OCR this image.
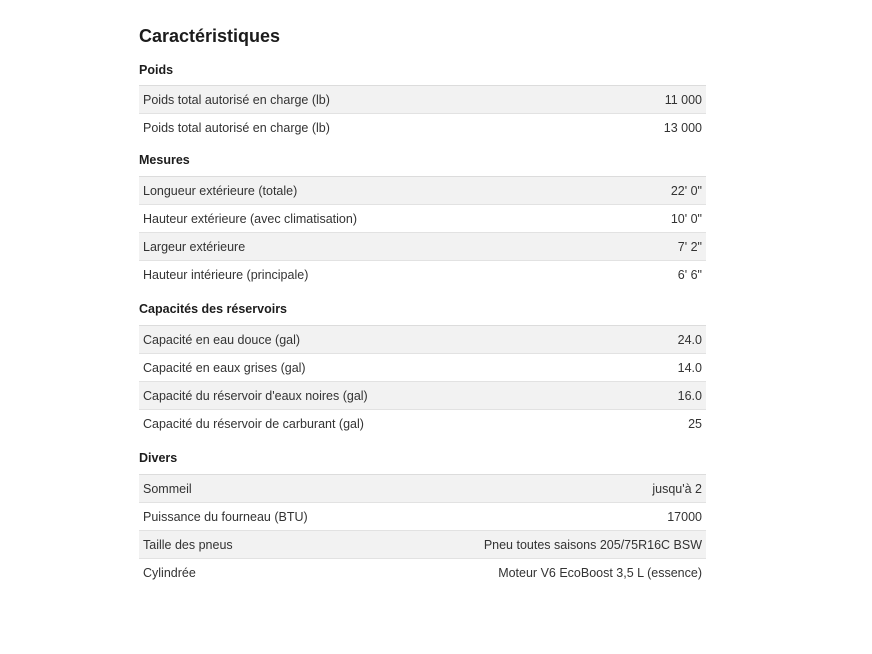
Caractéristiques
Poids
Poids total autorisé en charge (lb)	11 000
Poids total autorisé en charge (lb)	13 000
Mesures
Longueur extérieure (totale)	22' 0"
Hauteur extérieure (avec climatisation)	10' 0"
Largeur extérieure	7' 2"
Hauteur intérieure (principale)	6' 6"
Capacités des réservoirs
Capacité en eau douce (gal)	24.0
Capacité en eaux grises (gal)	14.0
Capacité du réservoir d'eaux noires (gal)	16.0
Capacité du réservoir de carburant (gal)	25
Divers
Sommeil	jusqu'à 2
Puissance du fourneau (BTU)	17000
Taille des pneus	Pneu toutes saisons 205/75R16C BSW
Cylindrée	Moteur V6 EcoBoost 3,5 L (essence)
